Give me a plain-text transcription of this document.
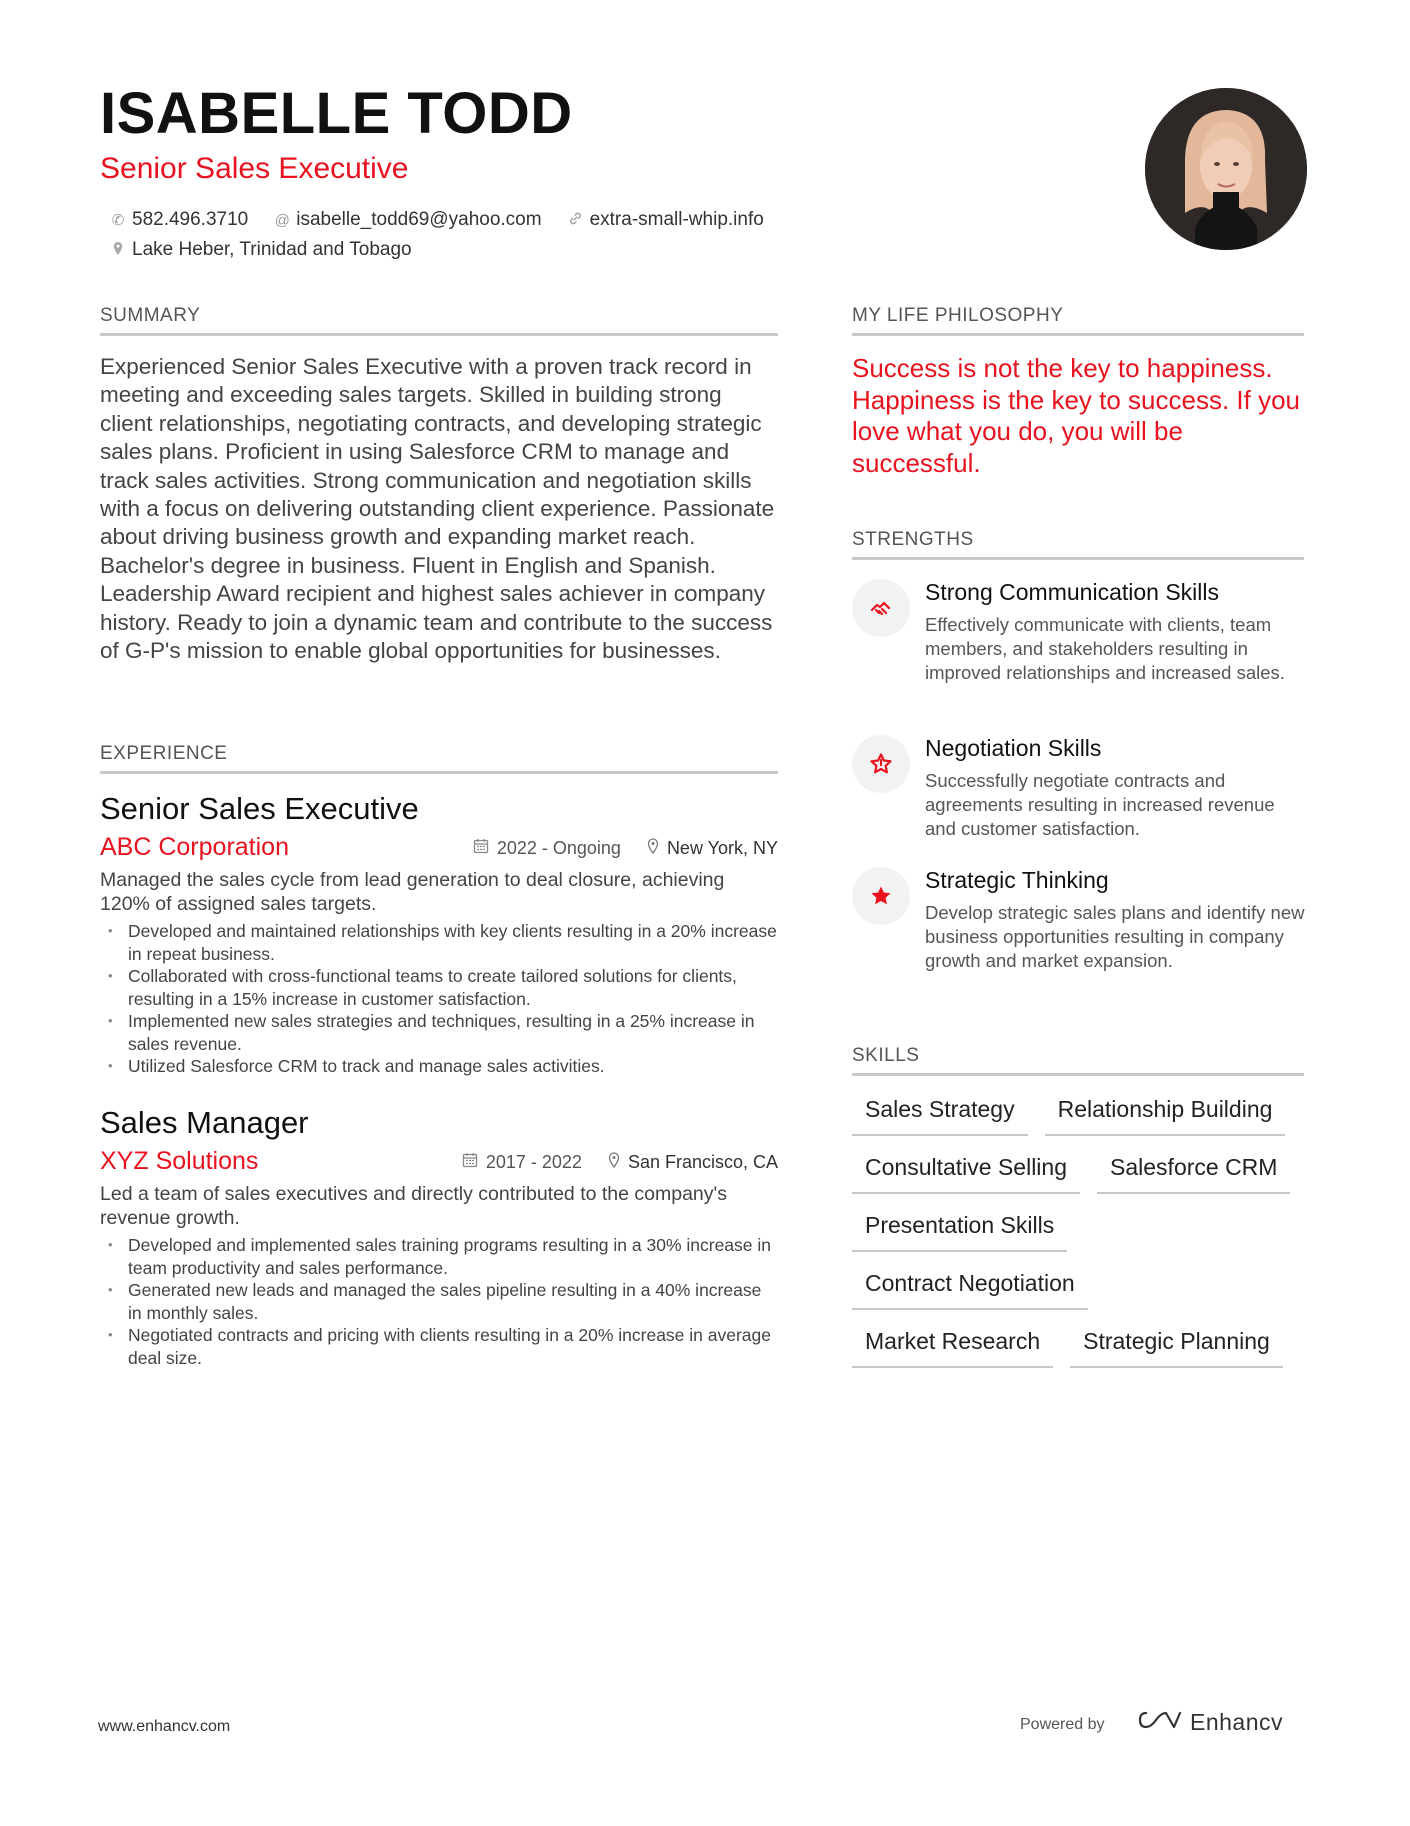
ISABELLE TODD
Senior Sales Executive
✆ 582.496.3710 @ isabelle_todd69@yahoo.com	extra-small-whip.info
Lake Heber, Trinidad and Tobago
SUMMARY
Experienced Senior Sales Executive with a proven track record in meeting and exceeding sales targets. Skilled in building strong client relationships, negotiating contracts, and developing strategic sales plans. Proficient in using Salesforce CRM to manage and track sales activities. Strong communication and negotiation skills with a focus on delivering outstanding client experience. Passionate about driving business growth and expanding market reach. Bachelor's degree in business. Fluent in English and Spanish. Leadership Award recipient and highest sales achiever in company history. Ready to join a dynamic team and contribute to the success of G-P's mission to enable global opportunities for businesses.
EXPERIENCE
Senior Sales Executive
ABC Corporation	2022 - Ongoing	New York, NY
Managed the sales cycle from lead generation to deal closure, achieving 120% of assigned sales targets.
• Developed and maintained relationships with key clients resulting in a 20% increase in repeat business.
• Collaborated with cross-functional teams to create tailored solutions for clients, resulting in a 15% increase in customer satisfaction.
• Implemented new sales strategies and techniques, resulting in a 25% increase in sales revenue.
• Utilized Salesforce CRM to track and manage sales activities.
Sales Manager
XYZ Solutions	2017 - 2022	San Francisco, CA
Led a team of sales executives and directly contributed to the company's revenue growth.
• Developed and implemented sales training programs resulting in a 30% increase in team productivity and sales performance.
• Generated new leads and managed the sales pipeline resulting in a 40% increase in monthly sales.
• Negotiated contracts and pricing with clients resulting in a 20% increase in average deal size.
MY LIFE PHILOSOPHY
Success is not the key to happiness. Happiness is the key to success. If you love what you do, you will be successful.
STRENGTHS
Strong Communication Skills
Effectively communicate with clients, team members, and stakeholders resulting in improved relationships and increased sales.
Negotiation Skills
Successfully negotiate contracts and agreements resulting in increased revenue and customer satisfaction.
Strategic Thinking
Develop strategic sales plans and identify new business opportunities resulting in company growth and market expansion.
SKILLS
Sales Strategy	Relationship Building
Consultative Selling	Salesforce CRM
Presentation Skills
Contract Negotiation
Market Research	Strategic Planning
www.enhancv.com	Powered by	Enhancv
